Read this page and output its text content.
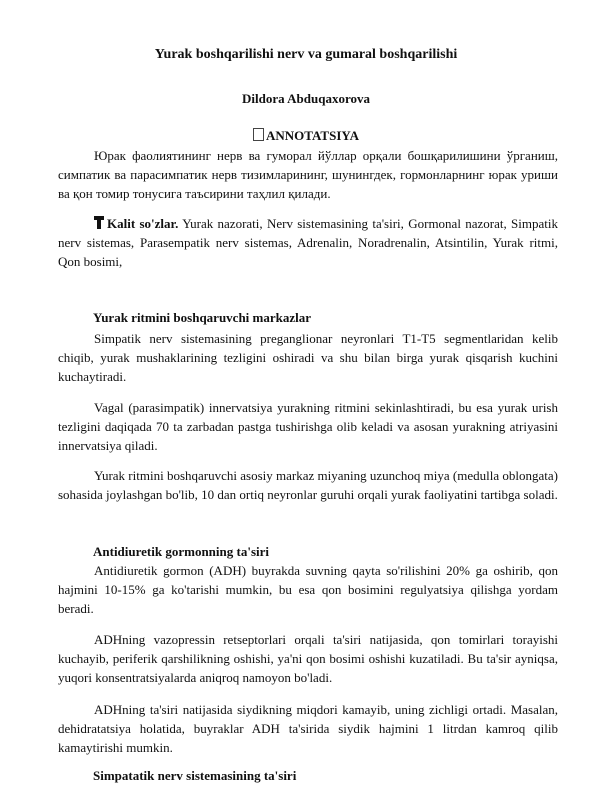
Yurak boshqarilishi nerv va gumaral boshqarilishi
Dildora Abduqaxorova
ANNOTATSIYA

Юрак фаолиятининг нерв ва гуморал йўллар орқали бошқарилишини ўрганиш, симпатик ва парасимпатик нерв тизимларининг, шунингдек, гормонларнинг юрак уриши ва қон томир тонусига таъсирини таҳлил қилади.

Kalit so'zlar. Yurak nazorati, Nerv sistemasining ta'siri, Gormonal nazorat, Simpatik nerv sistemas, Parasempatik nerv sistemas, Adrenalin, Noradrenalin, Atsintilin, Yurak ritmi, Qon bosimi,

Yurak ritmini boshqaruvchi markazlar

Simpatik nerv sistemasining preganglionar neyronlari T1-T5 segmentlaridan kelib chiqib, yurak mushaklarining tezligini oshiradi va shu bilan birga yurak qisqarish kuchini kuchaytiradi.

Vagal (parasimpatik) innervatsiya yurakning ritmini sekinlashtiradi, bu esa yurak urish tezligini daqiqada 70 ta zarbadan pastga tushirishga olib keladi va asosan yurakning atriyasini innervatsiya qiladi.

Yurak ritmini boshqaruvchi asosiy markaz miyaning uzunchoq miya (medulla oblongata) sohasida joylashgan bo'lib, 10 dan ortiq neyronlar guruhi orqali yurak faoliyatini tartibga soladi.

Antidiuretik gormonning ta'siri

Antidiuretik gormon (ADH) buyrakda suvning qayta so'rilishini 20% ga oshirib, qon hajmini 10-15% ga ko'tarishi mumkin, bu esa qon bosimini regulyatsiya qilishga yordam beradi.

ADHning vazopressin retseptorlari orqali ta'siri natijasida, qon tomirlari torayishi kuchayib, periferik qarshilikning oshishi, ya'ni qon bosimi oshishi kuzatiladi. Bu ta'sir ayniqsa, yuqori konsentratsiyalarda aniqroq namoyon bo'ladi.

ADHning ta'siri natijasida siydikning miqdori kamayib, uning zichligi ortadi. Masalan, dehidratatsiya holatida, buyraklar ADH ta'sirida siydik hajmini 1 litrdan kamroq qilib kamaytirishi mumkin.

Simpatatik nerv sistemasining ta'siri
